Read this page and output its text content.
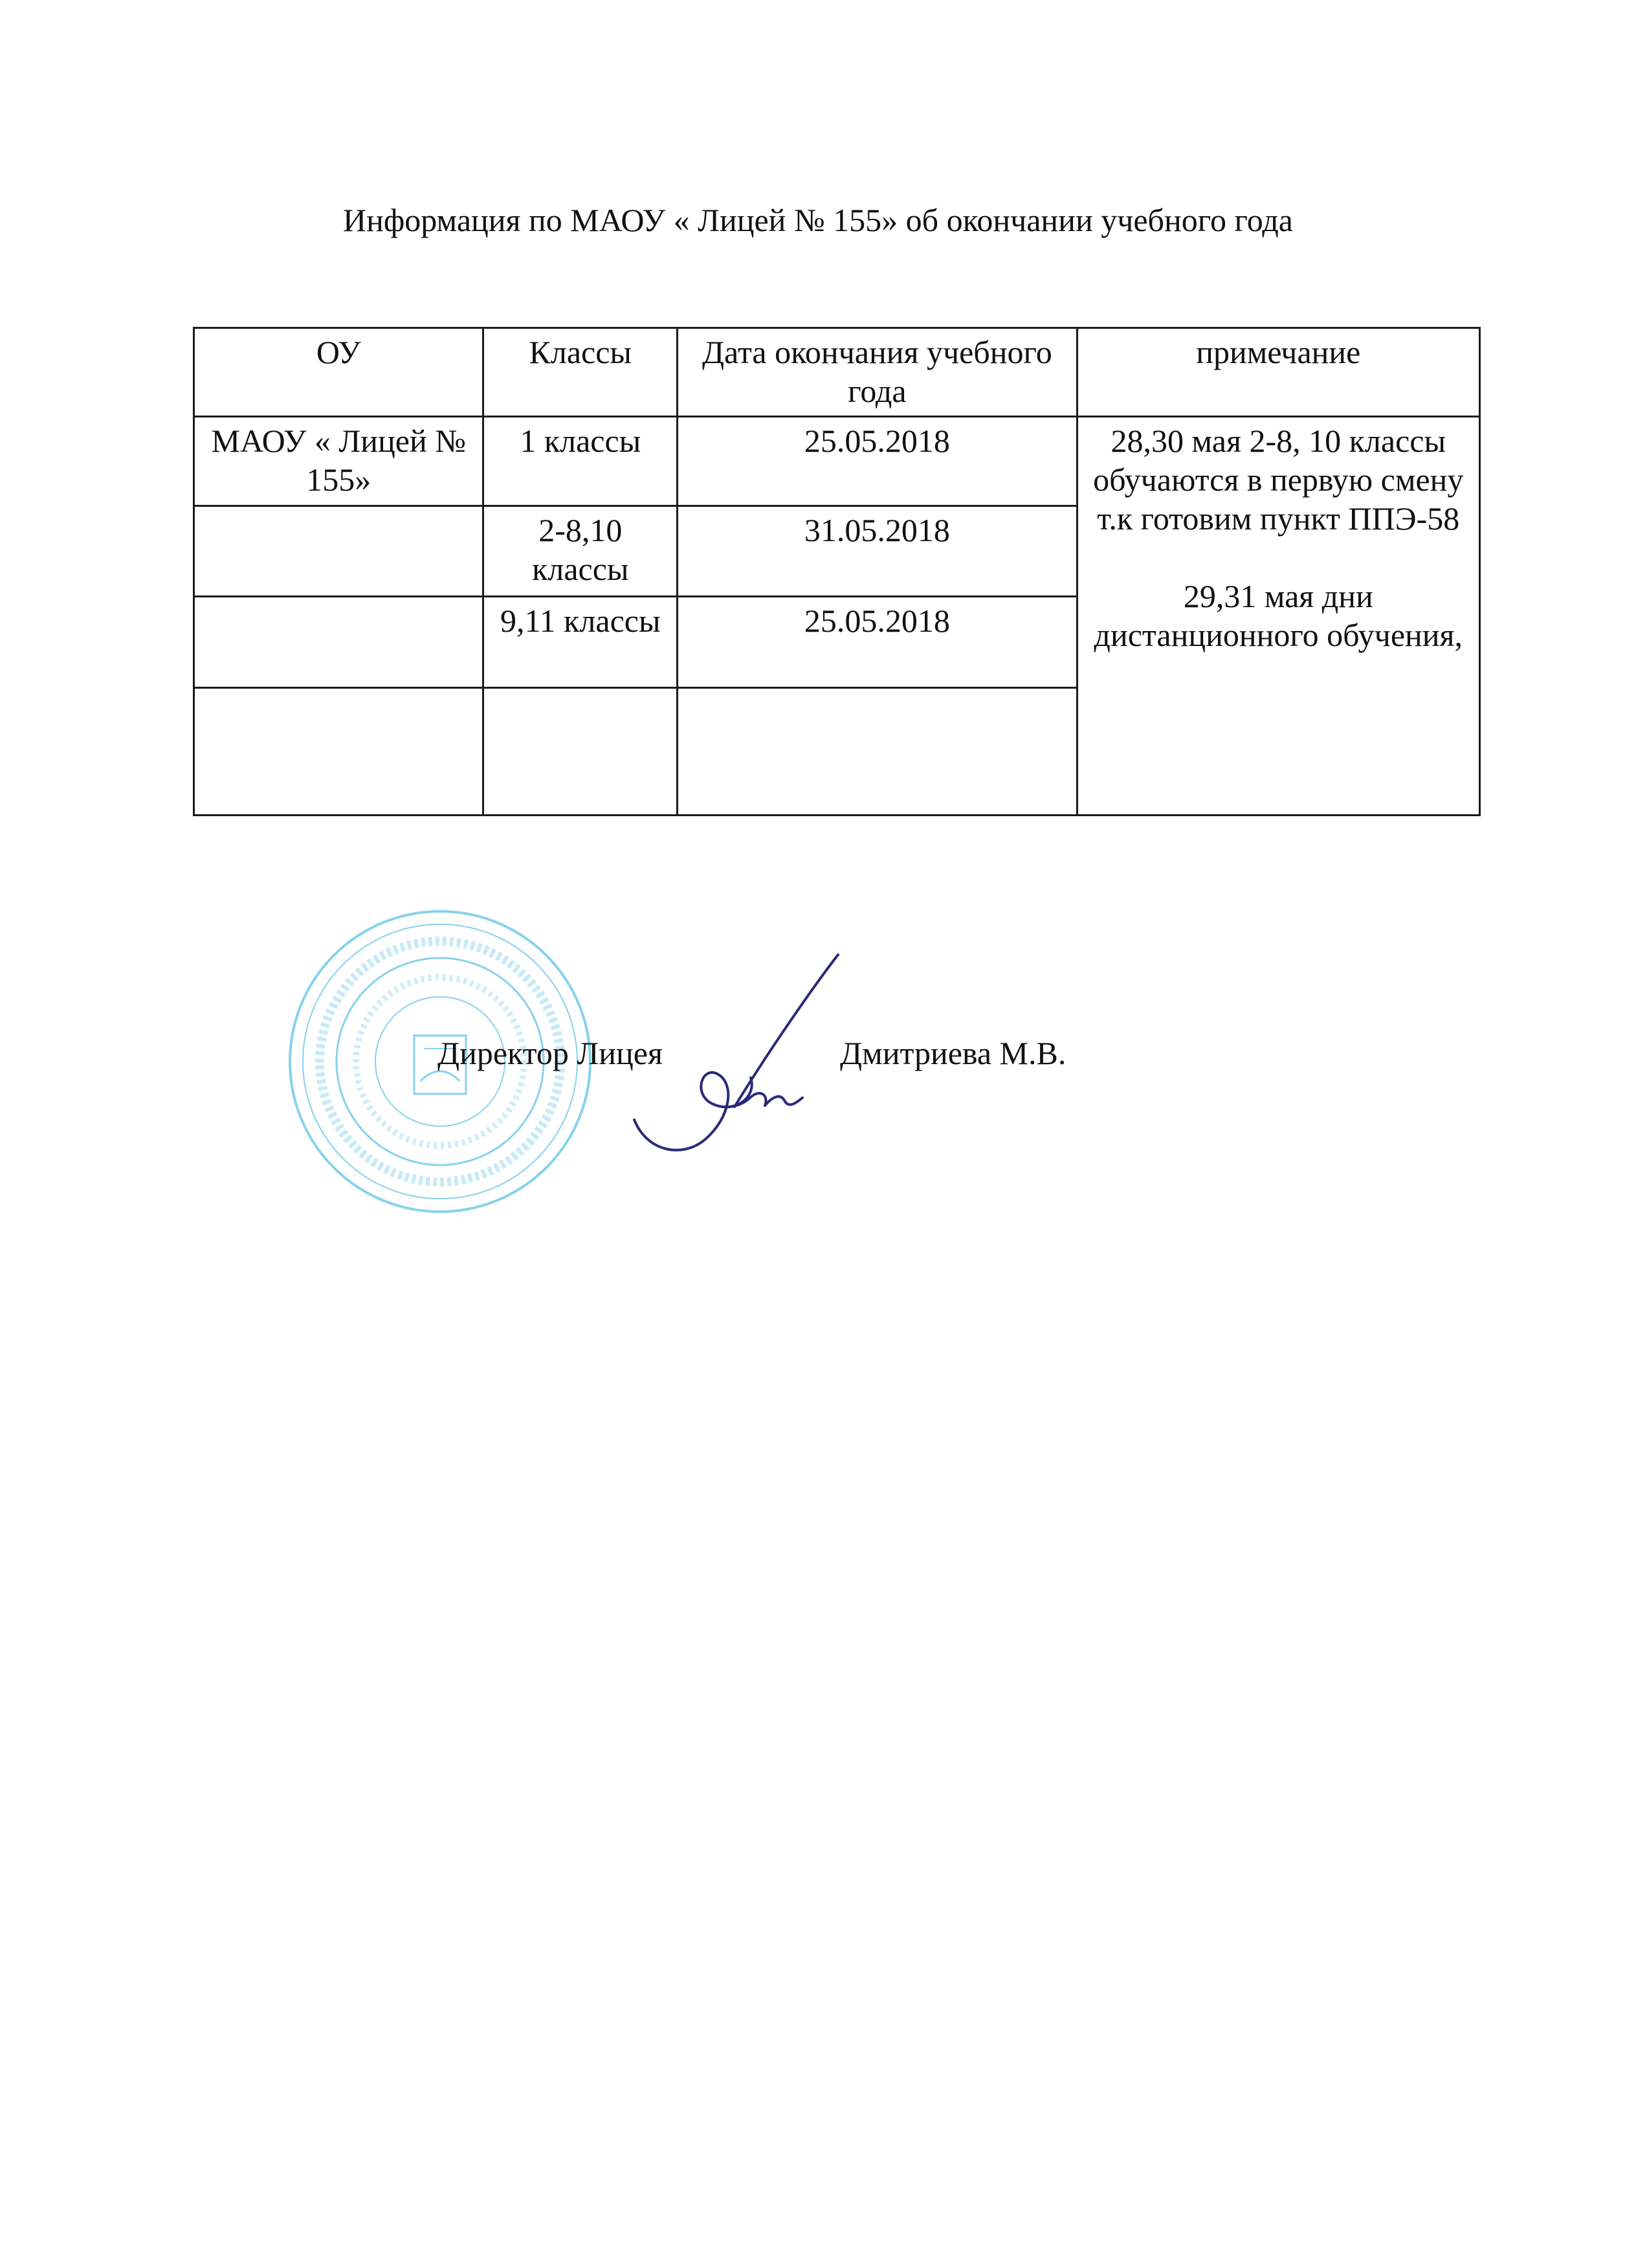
Информация по МАОУ « Лицей № 155» об окончании учебного года
ОУ	Классы	Дата окончания учебного года	примечание
МАОУ « Лицей № 155»	1 классы	25.05.2018	28,30 мая 2-8, 10 классы обучаются в первую смену т.к готовим пункт ППЭ-58
29,31 мая дни дистанционного обучения,
	2-8,10 классы	31.05.2018	
	9,11 классы	25.05.2018	

Директор Лицея	Дмитриева М.В.
